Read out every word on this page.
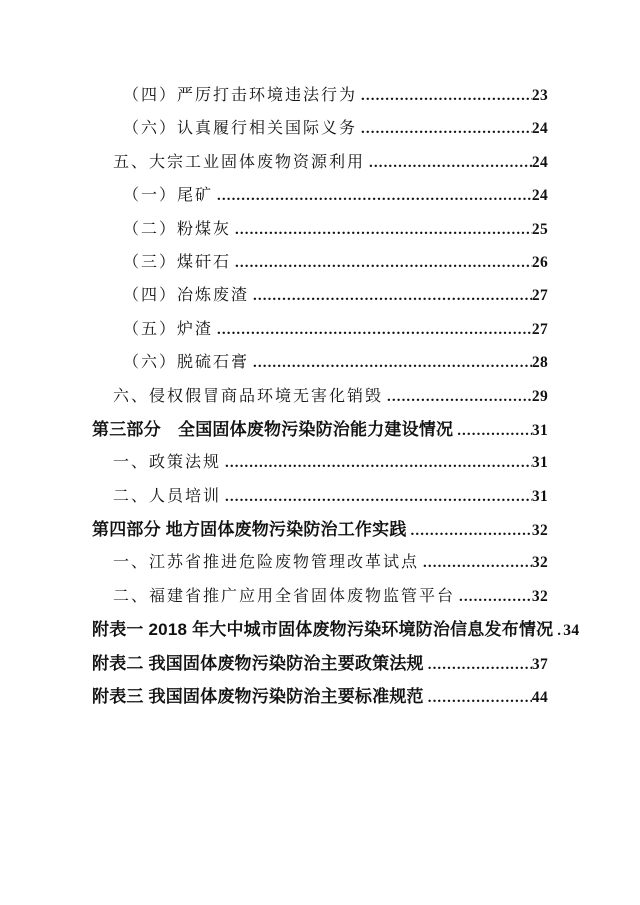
（四）严厉打击环境违法行为 .....	23
（六）认真履行相关国际义务 .....	24
五、大宗工业固体废物资源利用 .....	24
（一）尾矿 .....	24
（二）粉煤灰 .....	25
（三）煤矸石 .....	26
（四）冶炼废渣 .....	27
（五）炉渣 .....	27
（六）脱硫石膏 .....	28
六、侵权假冒商品环境无害化销毁 .....	29
第三部分　全国固体废物污染防治能力建设情况 .....	31
一、政策法规 .....	31
二、人员培训 .....	31
第四部分 地方固体废物污染防治工作实践 .....	32
一、江苏省推进危险废物管理改革试点 .....	32
二、福建省推广应用全省固体废物监管平台 .....	32
附表一 2018 年大中城市固体废物污染环境防治信息发布情况 ..... 34
附表二 我国固体废物污染防治主要政策法规 .....	37
附表三 我国固体废物污染防治主要标准规范 .....	44
